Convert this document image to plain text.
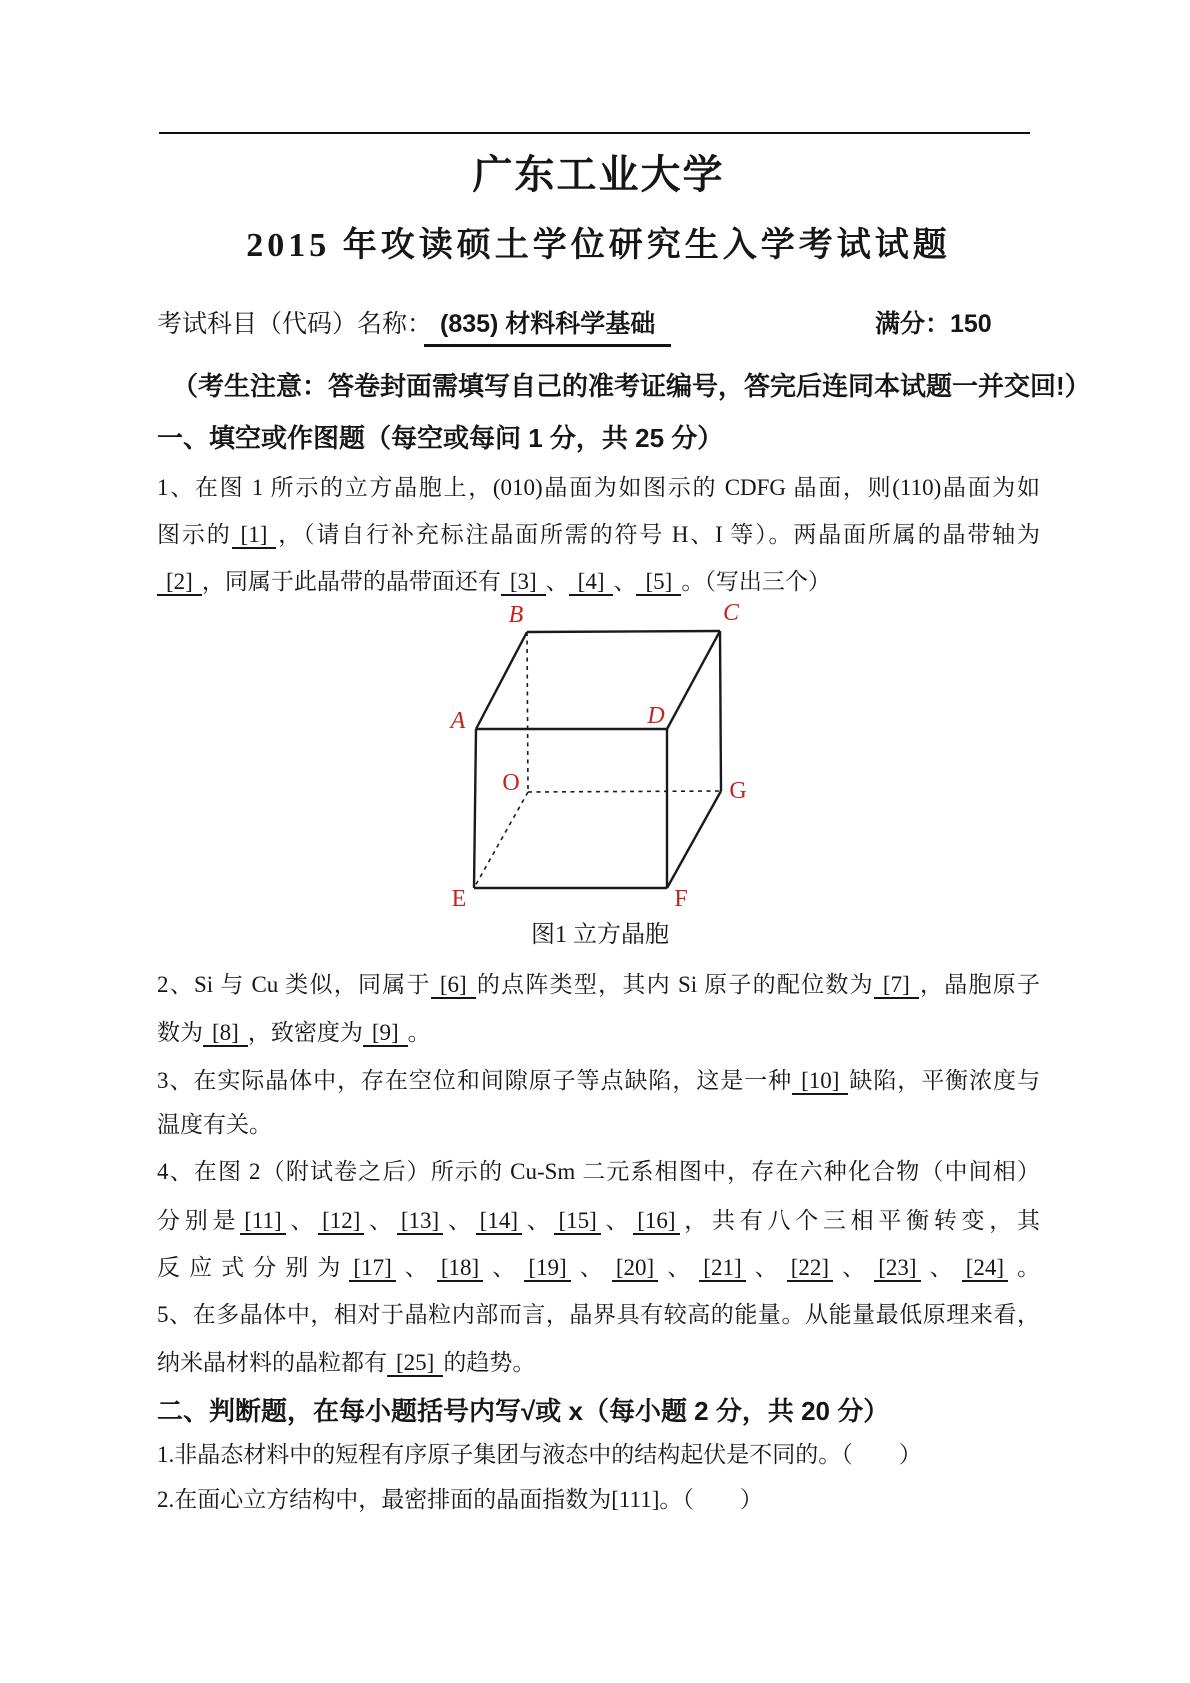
广东工业大学
2015 年攻读硕土学位研究生入学考试试题
考试科目（代码）名称： (835) 材料科学基础	满分：150
（考生注意：答卷封面需填写自己的准考证编号，答完后连同本试题一并交回!）
一、填空或作图题（每空或每问 1 分，共 25 分）
1、在图 1 所示的立方晶胞上，(010)晶面为如图示的 CDFG 晶面，则(110)晶面为如
图示的 [1] ，（请自行补充标注晶面所需的符号 H、I 等）。两晶面所属的晶带轴为
[2] ，同属于此晶带的晶带面还有 [3] 、 [4] 、 [5] 。（写出三个）
B	C
A	D
O	G
E	F
图1 立方晶胞
2、Si 与 Cu 类似，同属于 [6] 的点阵类型，其内 Si 原子的配位数为 [7] ，晶胞原子
数为 [8] ，致密度为 [9] 。
3、在实际晶体中，存在空位和间隙原子等点缺陷，这是一种 [10] 缺陷，平衡浓度与
温度有关。
4、在图 2（附试卷之后）所示的 Cu-Sm 二元系相图中，存在六种化合物（中间相）
分别是 [11] 、 [12] 、 [13] 、 [14] 、 [15] 、 [16] ，共有八个三相平衡转变，其
反应式分别为 [17] 、 [18] 、 [19] 、 [20] 、 [21] 、 [22] 、 [23] 、 [24] 。
5、在多晶体中，相对于晶粒内部而言，晶界具有较高的能量。从能量最低原理来看，
纳米晶材料的晶粒都有 [25] 的趋势。
二、判断题，在每小题括号内写√或 x（每小题 2 分，共 20 分）
1.非晶态材料中的短程有序原子集团与液态中的结构起伏是不同的。（　　）
2.在面心立方结构中，最密排面的晶面指数为[111]。（　　）
